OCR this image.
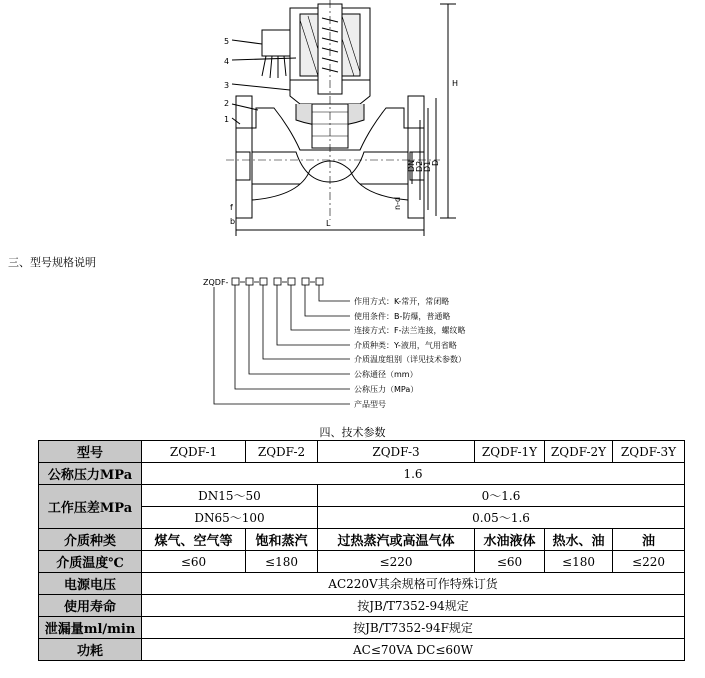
5
4
3
2
1
H
L
f
b
n-d
DN D2 D1 D
三、型号规格说明
ZQDF-
作用方式：K-常开，常闭略
使用条件：B-防爆，普通略
连接方式：F-法兰连接，螺纹略
介质种类：Y-液用，气用省略
介质温度组别（详见技术参数）
公称通径（mm）
公称压力（MPa）
产品型号
四、技术参数
型号	ZQDF-1	ZQDF-2	ZQDF-3	ZQDF-1Y	ZQDF-2Y	ZQDF-3Y
公称压力MPa	1.6					
工作压差MPa	DN15～50		0～1.6			
	DN65～100		0.05～1.6			
介质种类	煤气、空气等	饱和蒸汽	过热蒸汽或高温气体	水油液体	热水、油	油
介质温度℃	≤60	≤180	≤220	≤60	≤180	≤220
电源电压	AC220V其余规格可作特殊订货					
使用寿命	按JB/T7352-94规定					
泄漏量ml/min	按JB/T7352-94F规定					
功耗	AC≤70VA DC≤60W					
